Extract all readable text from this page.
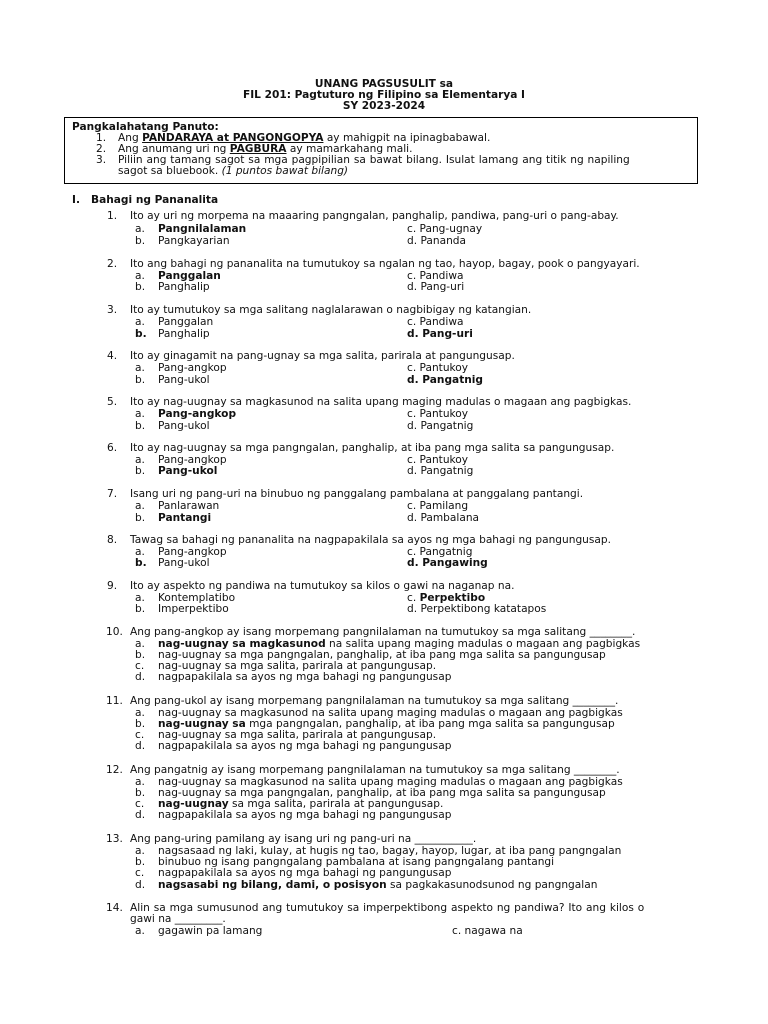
UNANG PAGSUSULIT sa
FIL 201: Pagtuturo ng Filipino sa Elementarya I
SY 2023-2024
Pangkalahatang Panuto:
1. Ang PANDARAYA at PANGONGOPYA ay mahigpit na ipinagbabawal.
2. Ang anumang uri ng PAGBURA ay mamarkahang mali.
3. Piliin ang tamang sagot sa mga pagpipilian sa bawat bilang. Isulat lamang ang titik ng napiling
sagot sa bluebook. (1 puntos bawat bilang)
I. Bahagi ng Pananalita
1. Ito ay uri ng morpema na maaaring pangngalan, panghalip, pandiwa, pang-uri o pang-abay.
a. Pangnilalaman
b. Pangkayarian
c. Pang-ugnay
d. Pananda
2. Ito ang bahagi ng pananalita na tumutukoy sa ngalan ng tao, hayop, bagay, pook o pangyayari.
a. Panggalan
b. Panghalip
c. Pandiwa
d. Pang-uri
3. Ito ay tumutukoy sa mga salitang naglalarawan o nagbibigay ng katangian.
a. Panggalan
b. Panghalip
c. Pandiwa
d. Pang-uri
4. Ito ay ginagamit na pang-ugnay sa mga salita, parirala at pangungusap.
a. Pang-angkop
b. Pang-ukol
c. Pantukoy
d. Pangatnig
5. Ito ay nag-uugnay sa magkasunod na salita upang maging madulas o magaan ang pagbigkas.
a. Pang-angkop
b. Pang-ukol
c. Pantukoy
d. Pangatnig
6. Ito ay nag-uugnay sa mga pangngalan, panghalip, at iba pang mga salita sa pangungusap.
a. Pang-angkop
b. Pang-ukol
c. Pantukoy
d. Pangatnig
7. Isang uri ng pang-uri na binubuo ng panggalang pambalana at panggalang pantangi.
a. Panlarawan
b. Pantangi
c. Pamilang
d. Pambalana
8. Tawag sa bahagi ng pananalita na nagpapakilala sa ayos ng mga bahagi ng pangungusap.
a. Pang-angkop
b. Pang-ukol
c. Pangatnig
d. Pangawing
9. Ito ay aspekto ng pandiwa na tumutukoy sa kilos o gawi na naganap na.
a. Kontemplatibo
b. Imperpektibo
c. Perpektibo
d. Perpektibong katatapos
10. Ang pang-angkop ay isang morpemang pangnilalaman na tumutukoy sa mga salitang ________.
a. nag-uugnay sa magkasunod na salita upang maging madulas o magaan ang pagbigkas
b. nag-uugnay sa mga pangngalan, panghalip, at iba pang mga salita sa pangungusap
c. nag-uugnay sa mga salita, parirala at pangungusap.
d. nagpapakilala sa ayos ng mga bahagi ng pangungusap
11. Ang pang-ukol ay isang morpemang pangnilalaman na tumutukoy sa mga salitang ________.
a. nag-uugnay sa magkasunod na salita upang maging madulas o magaan ang pagbigkas
b. nag-uugnay sa mga pangngalan, panghalip, at iba pang mga salita sa pangungusap
c. nag-uugnay sa mga salita, parirala at pangungusap.
d. nagpapakilala sa ayos ng mga bahagi ng pangungusap
12. Ang pangatnig ay isang morpemang pangnilalaman na tumutukoy sa mga salitang ________.
a. nag-uugnay sa magkasunod na salita upang maging madulas o magaan ang pagbigkas
b. nag-uugnay sa mga pangngalan, panghalip, at iba pang mga salita sa pangungusap
c. nag-uugnay sa mga salita, parirala at pangungusap.
d. nagpapakilala sa ayos ng mga bahagi ng pangungusap
13. Ang pang-uring pamilang ay isang uri ng pang-uri na ___________.
a. nagsasaad ng laki, kulay, at hugis ng tao, bagay, hayop, lugar, at iba pang pangngalan
b. binubuo ng isang pangngalang pambalana at isang pangngalang pantangi
c. nagpapakilala sa ayos ng mga bahagi ng pangungusap
d. nagsasabi ng bilang, dami, o posisyon sa pagkakasunodsunod ng pangngalan
14. Alin sa mga sumusunod ang tumutukoy sa imperpektibong aspekto ng pandiwa? Ito ang kilos o
gawi na _________.
a. gagawin pa lamang	c. nagawa na
